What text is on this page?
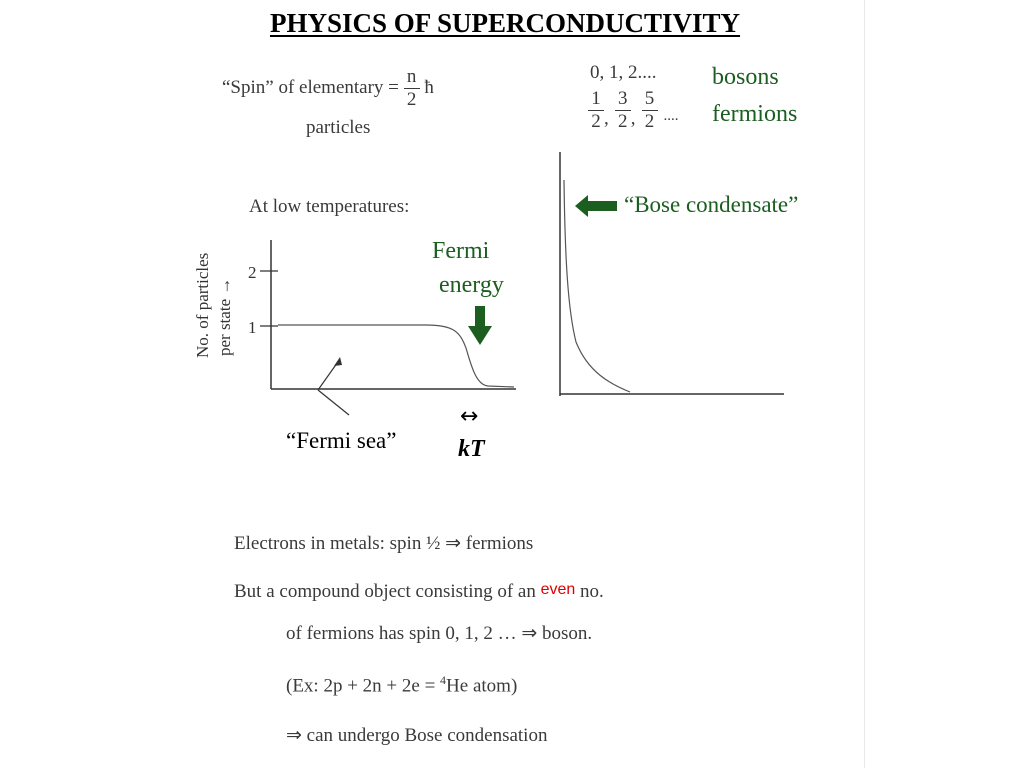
PHYSICS OF SUPERCONDUCTIVITY
“Spin” of elementary = $\frac{n}{2}$ ħ
particles
0, 1, 2....
$\frac{1}{2}$ , $\frac{3}{2}$ , $\frac{5}{2}$ ....
bosons
fermions
At low temperatures:
2
1
No. of particles per state →
Fermi
energy
“Fermi sea”
↔
kT
“Bose condensate”
Electrons in metals: spin ½ ⇒ fermions
But a compound object consisting of an even no.
of fermions has spin 0, 1, 2 … ⇒ boson.
(Ex: 2p + 2n + 2e = $^4$He atom)
⇒ can undergo Bose condensation
